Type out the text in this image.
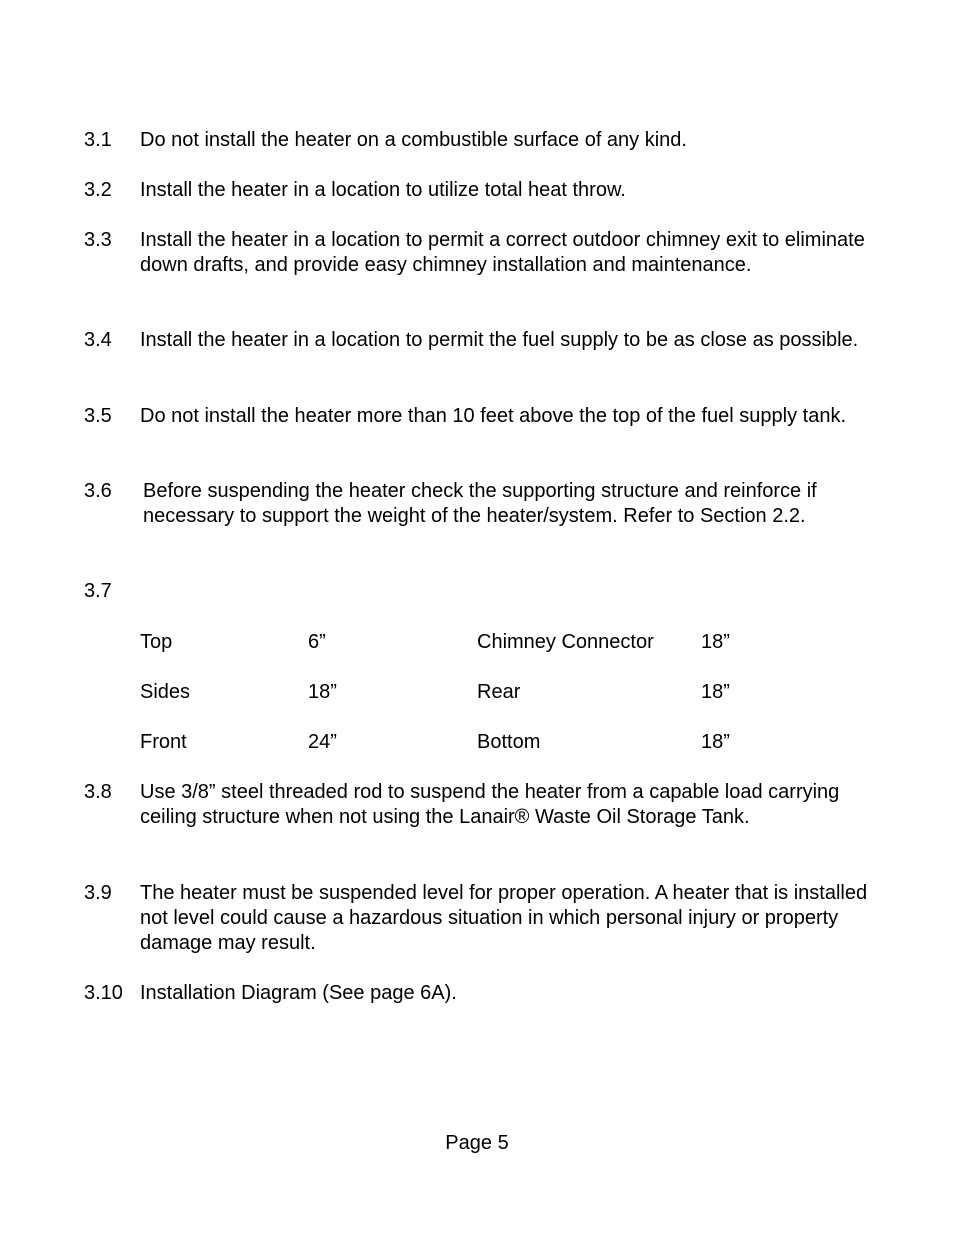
3.1 Do not install the heater on a combustible surface of any kind.
3.2 Install the heater in a location to utilize total heat throw.
3.3 Install the heater in a location to permit a correct outdoor chimney exit to eliminate down drafts, and provide easy chimney installation and maintenance.
3.4 Install the heater in a location to permit the fuel supply to be as close as possible.
3.5 Do not install the heater more than 10 feet above the top of the fuel supply tank.
3.6 Before suspending the heater check the supporting structure and reinforce if necessary to support the weight of the heater/system. Refer to Section 2.2.
3.7
Top	6”	Chimney Connector 18”
Sides	18”	Rear	18”
Front	24”	Bottom	18”
3.8 Use 3/8” steel threaded rod to suspend the heater from a capable load carrying ceiling structure when not using the Lanair® Waste Oil Storage Tank.
3.9 The heater must be suspended level for proper operation. A heater that is installed not level could cause a hazardous situation in which personal injury or property damage may result.
3.10 Installation Diagram (See page 6A).
Page 5
